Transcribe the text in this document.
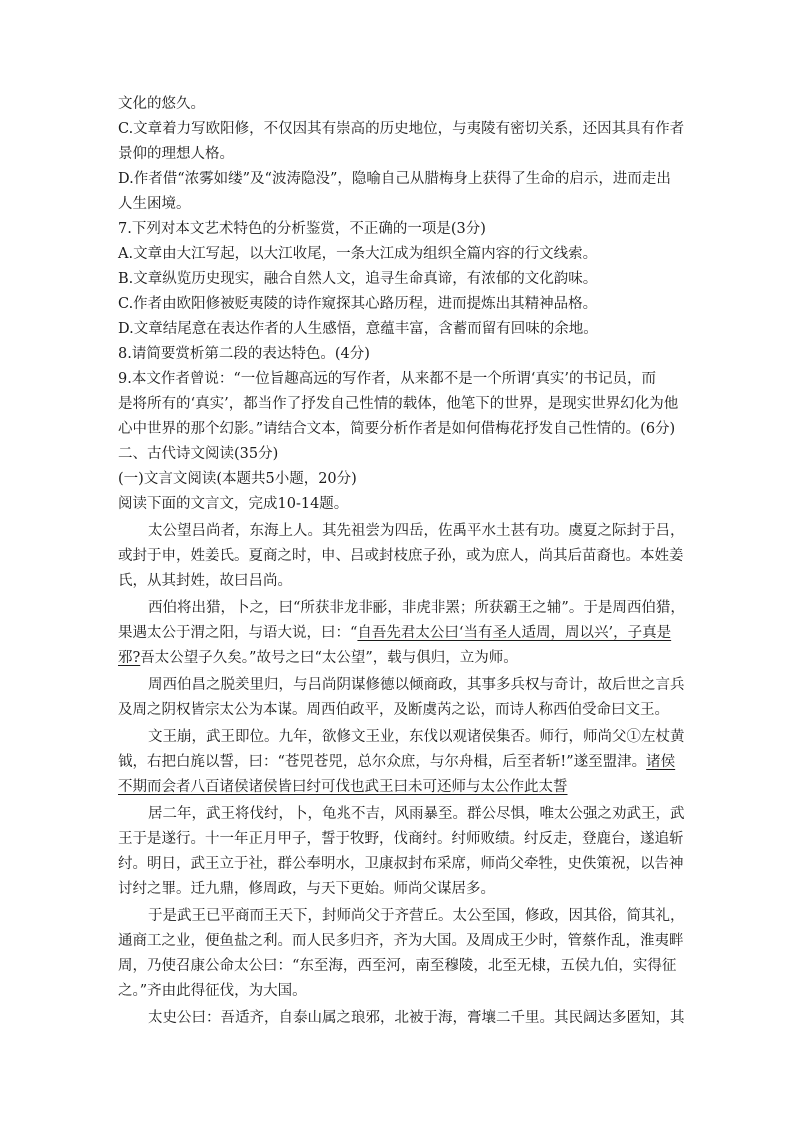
文化的悠久。
C.文章着力写欧阳修，不仅因其有崇高的历史地位，与夷陵有密切关系，还因其具有作者
景仰的理想人格。
D.作者借“浓雾如缕”及“波涛隐没”，隐喻自己从腊梅身上获得了生命的启示，进而走出
人生困境。
7.下列对本文艺术特色的分析鉴赏，不正确的一项是(3分)
A.文章由大江写起，以大江收尾，一条大江成为组织全篇内容的行文线索。
B.文章纵览历史现实，融合自然人文，追寻生命真谛，有浓郁的文化韵味。
C.作者由欧阳修被贬夷陵的诗作窥探其心路历程，进而提炼出其精神品格。
D.文章结尾意在表达作者的人生感悟，意蕴丰富，含蓄而留有回味的余地。
8.请简要赏析第二段的表达特色。(4分)
9.本文作者曾说：“一位旨趣高远的写作者，从来都不是一个所谓‘真实’的书记员，而
是将所有的‘真实’，都当作了抒发自己性情的载体，他笔下的世界，是现实世界幻化为他
心中世界的那个幻影。”请结合文本，简要分析作者是如何借梅花抒发自己性情的。(6分)
二、古代诗文阅读(35分)
(一)文言文阅读(本题共5小题，20分)
阅读下面的文言文，完成10-14题。
太公望吕尚者，东海上人。其先祖尝为四岳，佐禹平水土甚有功。虞夏之际封于吕，
或封于申，姓姜氏。夏商之时，申、吕或封枝庶子孙，或为庶人，尚其后苗裔也。本姓姜
氏，从其封姓，故曰吕尚。
西伯将出猎，卜之，曰“所获非龙非彨，非虎非罴；所获霸王之辅”。于是周西伯猎，
果遇太公于渭之阳，与语大说，曰：“自吾先君太公曰‘当有圣人适周，周以兴’，子真是
邪?吾太公望子久矣。”故号之曰“太公望”，载与俱归，立为师。
周西伯昌之脱羑里归，与吕尚阴谋修德以倾商政，其事多兵权与奇计，故后世之言兵
及周之阴权皆宗太公为本谋。周西伯政平，及断虞芮之讼，而诗人称西伯受命曰文王。
文王崩，武王即位。九年，欲修文王业，东伐以观诸侯集否。师行，师尚父①左杖黄
钺，右把白旄以誓，曰：“苍兕苍兕，总尔众庶，与尔舟楫，后至者斩!”遂至盟津。诸侯
不期而会者八百诸侯诸侯皆曰纣可伐也武王曰未可还师与太公作此太誓
居二年，武王将伐纣，卜，龟兆不吉，风雨暴至。群公尽惧，唯太公强之劝武王，武
王于是遂行。十一年正月甲子，誓于牧野，伐商纣。纣师败绩。纣反走，登鹿台，遂追斩
纣。明日，武王立于社，群公奉明水，卫康叔封布采席，师尚父牵牲，史佚策祝，以告神
讨纣之罪。迁九鼎，修周政，与天下更始。师尚父谋居多。
于是武王已平商而王天下，封师尚父于齐营丘。太公至国，修政，因其俗，简其礼，
通商工之业，便鱼盐之利。而人民多归齐，齐为大国。及周成王少时，管蔡作乱，淮夷畔
周，乃使召康公命太公曰：“东至海，西至河，南至穆陵，北至无棣，五侯九伯，实得征
之。”齐由此得征伐，为大国。
太史公曰：吾适齐，自泰山属之琅邪，北被于海，膏壤二千里。其民阔达多匿知，其
